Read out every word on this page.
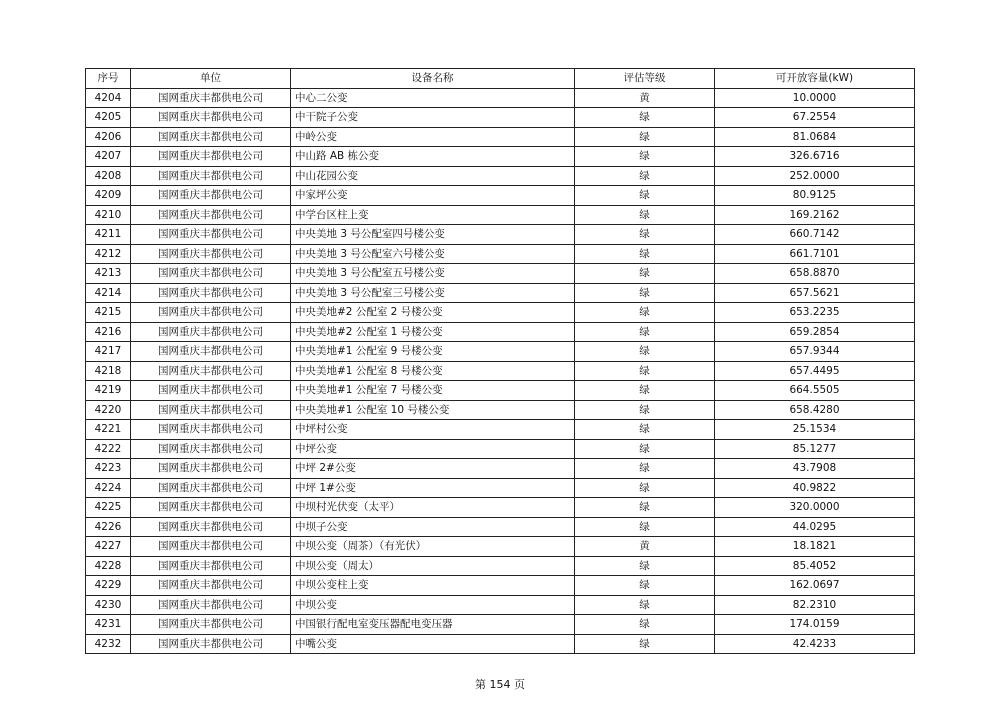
序号	单位	设备名称	评估等级	可开放容量(kW)
4204	国网重庆丰都供电公司	中心二公变	黄	10.0000
4205	国网重庆丰都供电公司	中干院子公变	绿	67.2554
4206	国网重庆丰都供电公司	中岭公变	绿	81.0684
4207	国网重庆丰都供电公司	中山路 AB 栋公变	绿	326.6716
4208	国网重庆丰都供电公司	中山花园公变	绿	252.0000
4209	国网重庆丰都供电公司	中家坪公变	绿	80.9125
4210	国网重庆丰都供电公司	中学台区柱上变	绿	169.2162
4211	国网重庆丰都供电公司	中央美地 3 号公配室四号楼公变	绿	660.7142
4212	国网重庆丰都供电公司	中央美地 3 号公配室六号楼公变	绿	661.7101
4213	国网重庆丰都供电公司	中央美地 3 号公配室五号楼公变	绿	658.8870
4214	国网重庆丰都供电公司	中央美地 3 号公配室三号楼公变	绿	657.5621
4215	国网重庆丰都供电公司	中央美地#2 公配室 2 号楼公变	绿	653.2235
4216	国网重庆丰都供电公司	中央美地#2 公配室 1 号楼公变	绿	659.2854
4217	国网重庆丰都供电公司	中央美地#1 公配室 9 号楼公变	绿	657.9344
4218	国网重庆丰都供电公司	中央美地#1 公配室 8 号楼公变	绿	657.4495
4219	国网重庆丰都供电公司	中央美地#1 公配室 7 号楼公变	绿	664.5505
4220	国网重庆丰都供电公司	中央美地#1 公配室 10 号楼公变	绿	658.4280
4221	国网重庆丰都供电公司	中坪村公变	绿	25.1534
4222	国网重庆丰都供电公司	中坪公变	绿	85.1277
4223	国网重庆丰都供电公司	中坪 2#公变	绿	43.7908
4224	国网重庆丰都供电公司	中坪 1#公变	绿	40.9822
4225	国网重庆丰都供电公司	中坝村光伏变（太平）	绿	320.0000
4226	国网重庆丰都供电公司	中坝子公变	绿	44.0295
4227	国网重庆丰都供电公司	中坝公变（周茶）（有光伏）	黄	18.1821
4228	国网重庆丰都供电公司	中坝公变（周太）	绿	85.4052
4229	国网重庆丰都供电公司	中坝公变柱上变	绿	162.0697
4230	国网重庆丰都供电公司	中坝公变	绿	82.2310
4231	国网重庆丰都供电公司	中国银行配电室变压器配电变压器	绿	174.0159
4232	国网重庆丰都供电公司	中嘴公变	绿	42.4233
第 154 页
